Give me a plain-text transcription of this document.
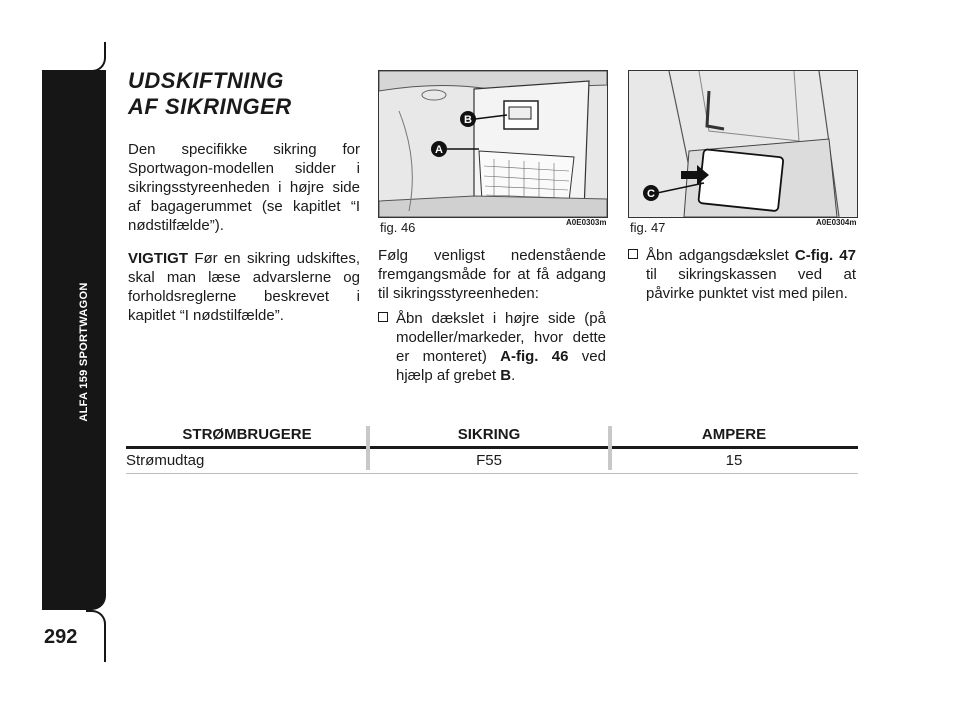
ALFA 159 SPORTWAGON
292
UDSKIFTNING
AF SIKRINGER

Den specifikke sikring for Sportwagon-modellen sidder i sikringsstyreenheden i højre side af bagagerummet (se kapitlet “I nødstilfælde”).

VIGTIGT Før en sikring udskiftes, skal man læse advarslerne og forholdsreglerne beskrevet i kapitlet “I nødstilfælde”.

B
A
fig. 46	A0E0303m
C
fig. 47	A0E0304m

Følg venligst nedenstående fremgangsmåde for at få adgang til sikringsstyreenheden:

Åbn dækslet i højre side (på modeller/markeder, hvor dette er monteret) A-fig. 46 ved hjælp af grebet B.
Åbn adgangsdækslet C-fig. 47 til sikringskassen ved at påvirke punktet vist med pilen.
STRØMBRUGERE	SIKRING	AMPERE
Strømudtag	F55	15
